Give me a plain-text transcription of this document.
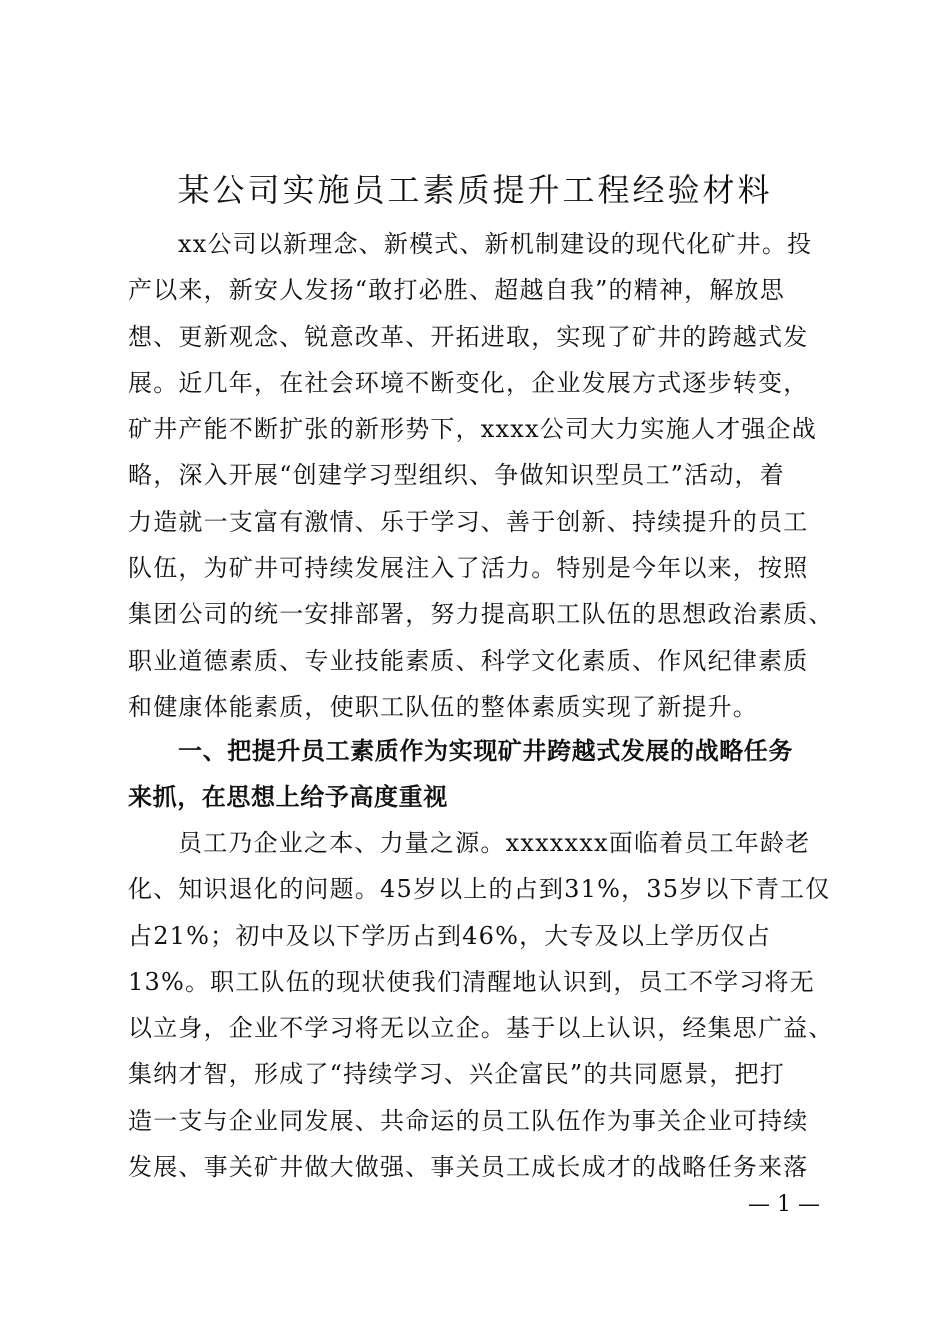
某公司实施员工素质提升工程经验材料
xx公司以新理念、新模式、新机制建设的现代化矿井。投
产以来，新安人发扬“敢打必胜、超越自我”的精神，解放思
想、更新观念、锐意改革、开拓进取，实现了矿井的跨越式发
展。近几年，在社会环境不断变化，企业发展方式逐步转变，
矿井产能不断扩张的新形势下，xxxx公司大力实施人才强企战
略，深入开展“创建学习型组织、争做知识型员工”活动，着
力造就一支富有激情、乐于学习、善于创新、持续提升的员工
队伍，为矿井可持续发展注入了活力。特别是今年以来，按照
集团公司的统一安排部署，努力提高职工队伍的思想政治素质、
职业道德素质、专业技能素质、科学文化素质、作风纪律素质
和健康体能素质，使职工队伍的整体素质实现了新提升。
一、把提升员工素质作为实现矿井跨越式发展的战略任务
来抓，在思想上给予高度重视
员工乃企业之本、力量之源。xxxxxxx面临着员工年龄老
化、知识退化的问题。45岁以上的占到31%，35岁以下青工仅
占21%；初中及以下学历占到46%，大专及以上学历仅占
13%。职工队伍的现状使我们清醒地认识到，员工不学习将无
以立身，企业不学习将无以立企。基于以上认识，经集思广益、
集纳才智，形成了“持续学习、兴企富民”的共同愿景，把打
造一支与企业同发展、共命运的员工队伍作为事关企业可持续
发展、事关矿井做大做强、事关员工成长成才的战略任务来落
— 1 —
